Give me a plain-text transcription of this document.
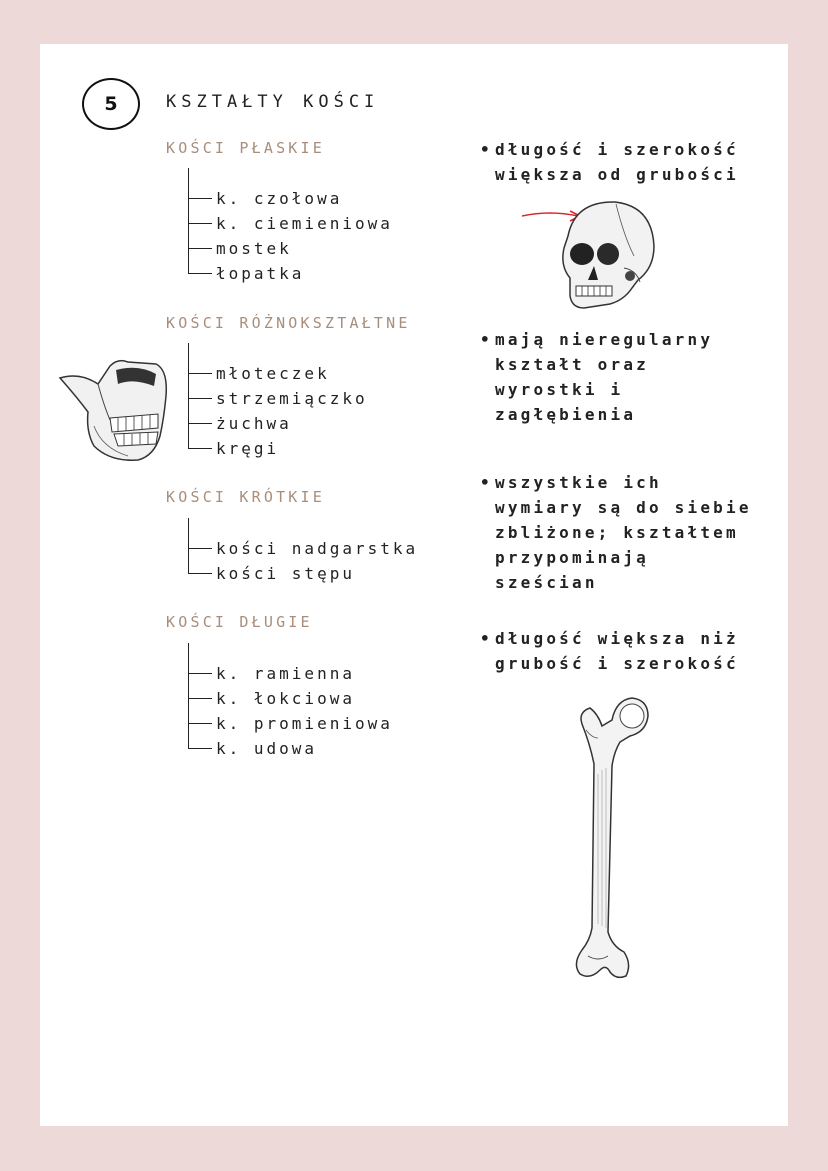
5	KSZTAŁTY KOŚCI
KOŚCI PŁASKIE
k. czołowa
k. ciemieniowa
mostek
łopatka
• długość i szerokość
większa od grubości
KOŚCI RÓŻNOKSZTAŁTNE
młoteczek
strzemiączko
żuchwa
kręgi
• mają nieregularny
kształt oraz
wyrostki i
zagłębienia
KOŚCI KRÓTKIE
kości nadgarstka
kości stępu
• wszystkie ich
wymiary są do siebie
zbliżone; kształtem
przypominają
sześcian
KOŚCI DŁUGIE
k. ramienna
k. łokciowa
k. promieniowa
k. udowa
• długość większa niż
grubość i szerokość
